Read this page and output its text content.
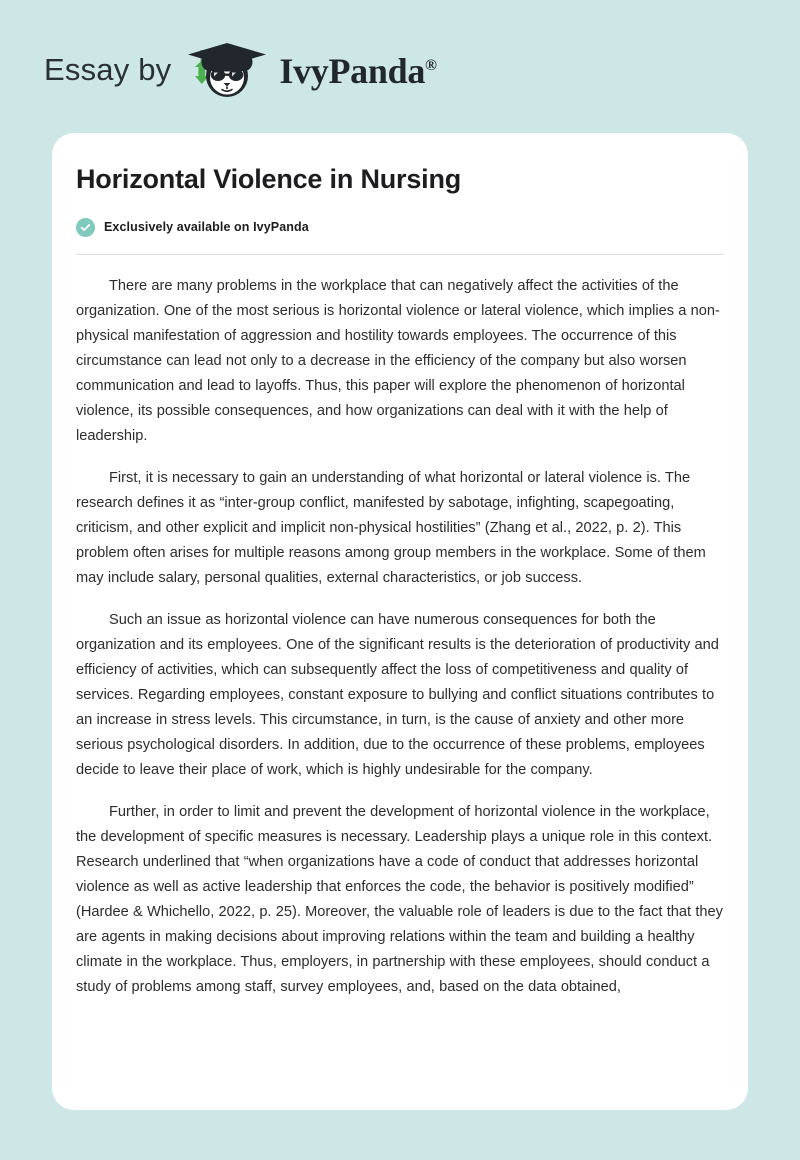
Essay by	IvyPanda®
Horizontal Violence in Nursing
Exclusively available on IvyPanda

There are many problems in the workplace that can negatively affect the activities of the organization. One of the most serious is horizontal violence or lateral violence, which implies a non-physical manifestation of aggression and hostility towards employees. The occurrence of this circumstance can lead not only to a decrease in the efficiency of the company but also worsen communication and lead to layoffs. Thus, this paper will explore the phenomenon of horizontal violence, its possible consequences, and how organizations can deal with it with the help of leadership.

First, it is necessary to gain an understanding of what horizontal or lateral violence is. The research defines it as “inter-group conflict, manifested by sabotage, infighting, scapegoating, criticism, and other explicit and implicit non-physical hostilities” (Zhang et al., 2022, p. 2). This problem often arises for multiple reasons among group members in the workplace. Some of them may include salary, personal qualities, external characteristics, or job success.

Such an issue as horizontal violence can have numerous consequences for both the organization and its employees. One of the significant results is the deterioration of productivity and efficiency of activities, which can subsequently affect the loss of competitiveness and quality of services. Regarding employees, constant exposure to bullying and conflict situations contributes to an increase in stress levels. This circumstance, in turn, is the cause of anxiety and other more serious psychological disorders. In addition, due to the occurrence of these problems, employees decide to leave their place of work, which is highly undesirable for the company.

Further, in order to limit and prevent the development of horizontal violence in the workplace, the development of specific measures is necessary. Leadership plays a unique role in this context. Research underlined that “when organizations have a code of conduct that addresses horizontal violence as well as active leadership that enforces the code, the behavior is positively modified” (Hardee & Whichello, 2022, p. 25). Moreover, the valuable role of leaders is due to the fact that they are agents in making decisions about improving relations within the team and building a healthy climate in the workplace. Thus, employers, in partnership with these employees, should conduct a study of problems among staff, survey employees, and, based on the data obtained,
